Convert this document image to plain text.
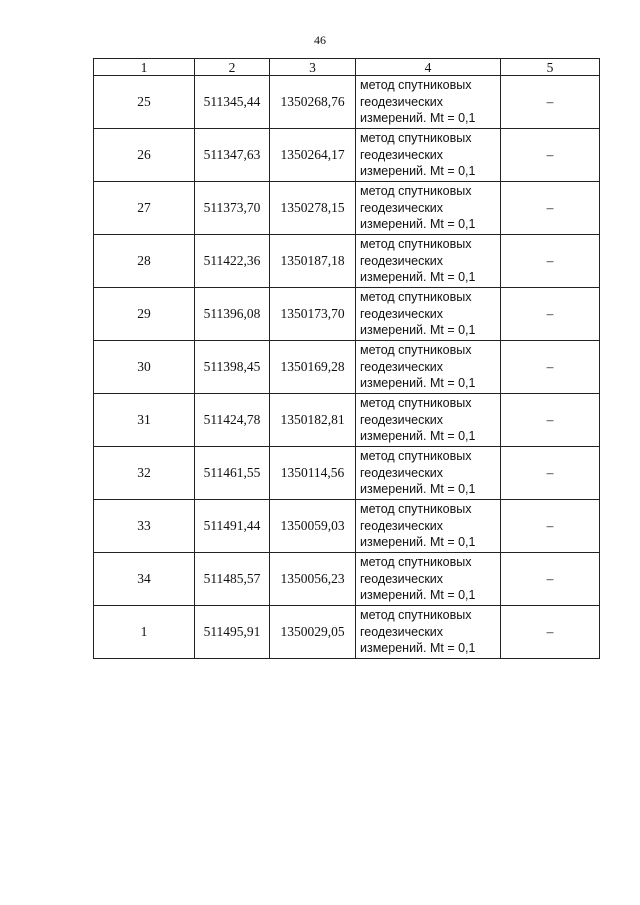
46
1	2	3	4	5
25	511345,44	1350268,76	метод спутниковых
геодезических
измерений. Mt = 0,1	–
26	511347,63	1350264,17	метод спутниковых
геодезических
измерений. Mt = 0,1	–
27	511373,70	1350278,15	метод спутниковых
геодезических
измерений. Mt = 0,1	–
28	511422,36	1350187,18	метод спутниковых
геодезических
измерений. Mt = 0,1	–
29	511396,08	1350173,70	метод спутниковых
геодезических
измерений. Mt = 0,1	–
30	511398,45	1350169,28	метод спутниковых
геодезических
измерений. Mt = 0,1	–
31	511424,78	1350182,81	метод спутниковых
геодезических
измерений. Mt = 0,1	–
32	511461,55	1350114,56	метод спутниковых
геодезических
измерений. Mt = 0,1	–
33	511491,44	1350059,03	метод спутниковых
геодезических
измерений. Mt = 0,1	–
34	511485,57	1350056,23	метод спутниковых
геодезических
измерений. Mt = 0,1	–
1	511495,91	1350029,05	метод спутниковых
геодезических
измерений. Mt = 0,1	–
